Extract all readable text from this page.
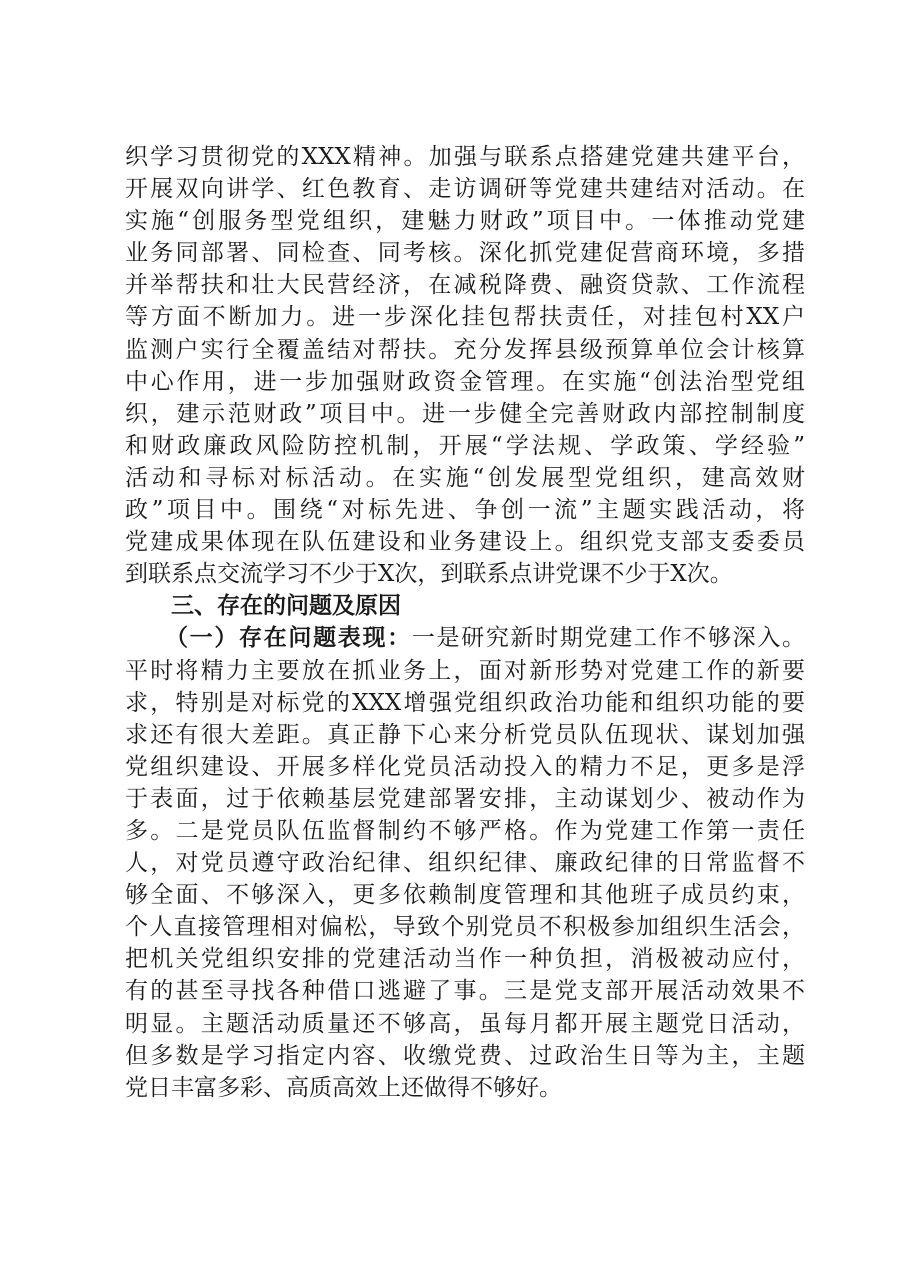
织学习贯彻党的XXX精神。加强与联系点搭建党建共建平台，
开展双向讲学、红色教育、走访调研等党建共建结对活动。在
实施“创服务型党组织，建魅力财政”项目中。一体推动党建
业务同部署、同检查、同考核。深化抓党建促营商环境，多措
并举帮扶和壮大民营经济，在减税降费、融资贷款、工作流程
等方面不断加力。进一步深化挂包帮扶责任，对挂包村XX户
监测户实行全覆盖结对帮扶。充分发挥县级预算单位会计核算
中心作用，进一步加强财政资金管理。在实施“创法治型党组
织，建示范财政”项目中。进一步健全完善财政内部控制制度
和财政廉政风险防控机制，开展“学法规、学政策、学经验”
活动和寻标对标活动。在实施“创发展型党组织，建高效财
政”项目中。围绕“对标先进、争创一流”主题实践活动，将
党建成果体现在队伍建设和业务建设上。组织党支部支委委员
到联系点交流学习不少于X次，到联系点讲党课不少于X次。
三、存在的问题及原因
（一）存在问题表现：一是研究新时期党建工作不够深入。
平时将精力主要放在抓业务上，面对新形势对党建工作的新要
求，特别是对标党的XXX增强党组织政治功能和组织功能的要
求还有很大差距。真正静下心来分析党员队伍现状、谋划加强
党组织建设、开展多样化党员活动投入的精力不足，更多是浮
于表面，过于依赖基层党建部署安排，主动谋划少、被动作为
多。二是党员队伍监督制约不够严格。作为党建工作第一责任
人，对党员遵守政治纪律、组织纪律、廉政纪律的日常监督不
够全面、不够深入，更多依赖制度管理和其他班子成员约束，
个人直接管理相对偏松，导致个别党员不积极参加组织生活会，
把机关党组织安排的党建活动当作一种负担，消极被动应付，
有的甚至寻找各种借口逃避了事。三是党支部开展活动效果不
明显。主题活动质量还不够高，虽每月都开展主题党日活动，
但多数是学习指定内容、收缴党费、过政治生日等为主，主题
党日丰富多彩、高质高效上还做得不够好。
